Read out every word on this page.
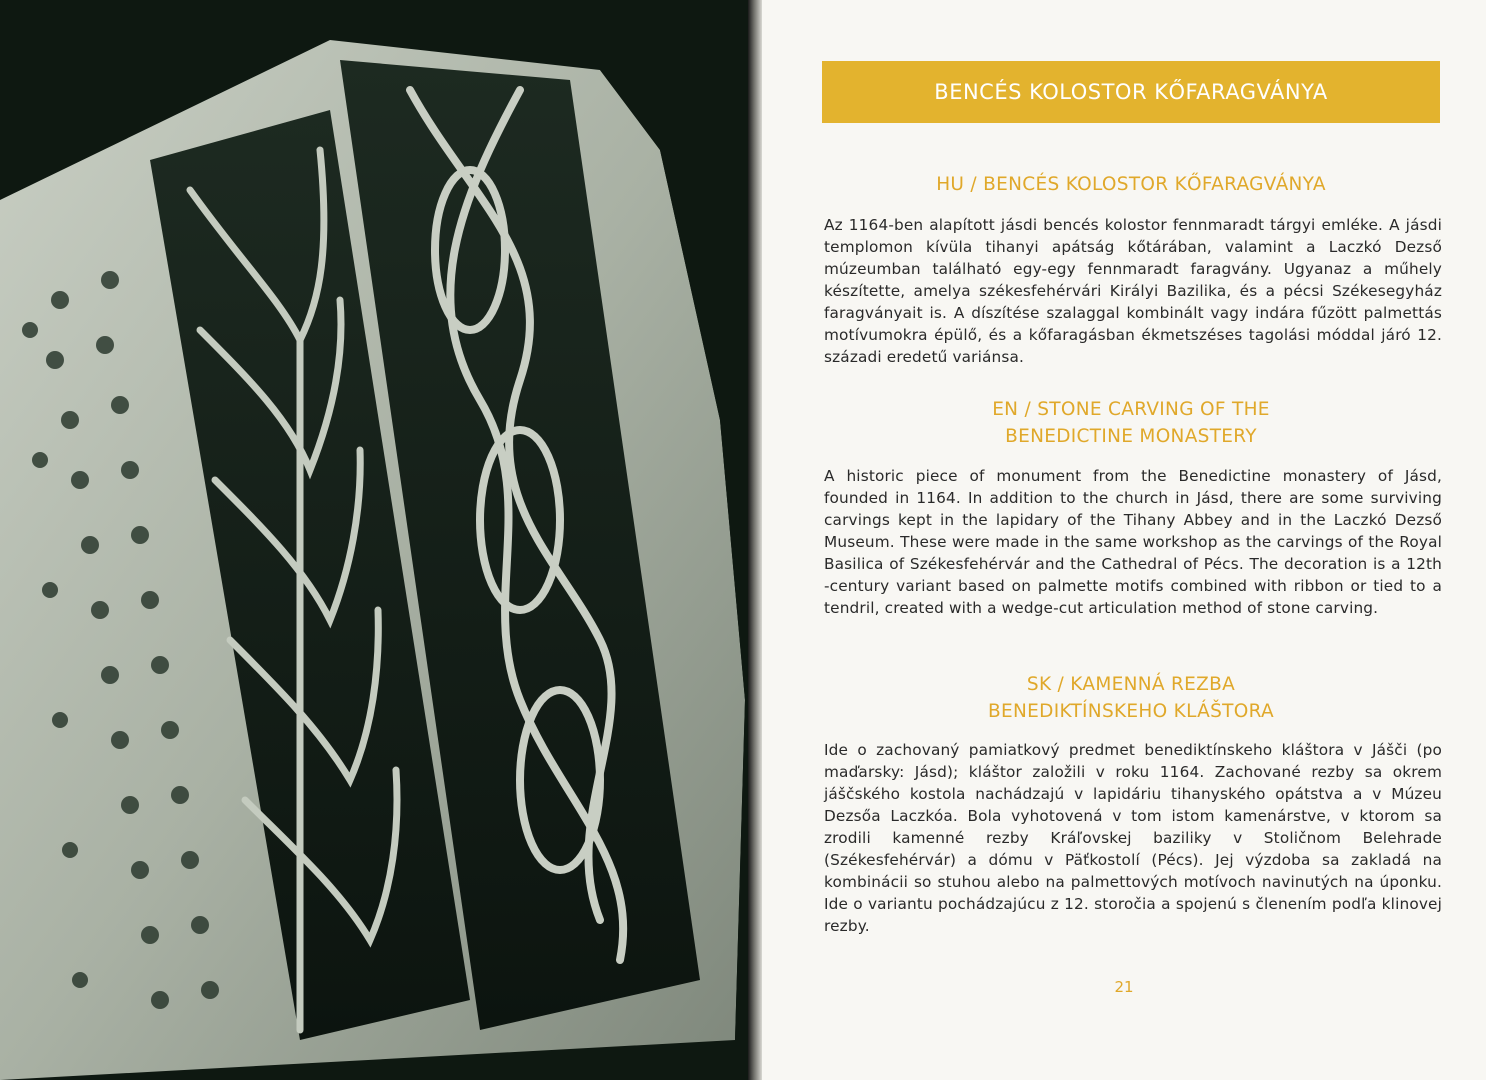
BENCÉS KOLOSTOR KŐFARAGVÁNYA
HU / BENCÉS KOLOSTOR KŐFARAGVÁNYA
Az 1164-ben alapított jásdi bencés kolostor fennmaradt tárgyi emléke. A jásdi templomon kívüla tihanyi apátság kőtárában, valamint a Laczkó Dezső múzeumban található egy-egy fennmaradt faragvány. Ugyanaz a műhely készítette, amelya székesfehérvári Királyi Bazilika, és a pécsi Székesegyház faragványait is. A díszítése szalaggal kombinált vagy indára fűzött palmettás motívumokra épülő, és a kőfaragásban ékmetszéses tagolási móddal járó 12. századi eredetű variánsa.
EN / STONE CARVING OF THE
BENEDICTINE MONASTERY
A historic piece of monument from the Benedictine monastery of Jásd, founded in 1164. In addition to the church in Jásd, there are some surviving carvings kept in the lapidary of the Tihany Abbey and in the Laczkó Dezső Museum. These were made in the same workshop as the carvings of the Royal Basilica of Székesfehérvár and the Cathedral of Pécs. The decoration is a 12th -century variant based on palmette motifs combined with ribbon or tied to a tendril, created with a wedge-cut articulation method of stone carving.
SK / KAMENNÁ REZBA
BENEDIKTÍNSKEHO KLÁŠTORA
Ide o zachovaný pamiatkový predmet benediktínskeho kláštora v Jášči (po maďarsky: Jásd); kláštor založili v roku 1164. Zachované rezby sa okrem jáščského kostola nachádzajú v lapidáriu tihanyského opátstva a v Múzeu Dezsőa Laczkóa. Bola vyhotovená v tom istom kamenárstve, v ktorom sa zrodili kamenné rezby Kráľovskej baziliky v Stoličnom Belehrade (Székesfehérvár) a dómu v Päťkostolí (Pécs). Jej výzdoba sa zakladá na kombinácii so stuhou alebo na palmettových motívoch navinutých na úponku. Ide o variantu pochádzajúcu z 12. storočia a spojenú s členením podľa klinovej rezby.
21
